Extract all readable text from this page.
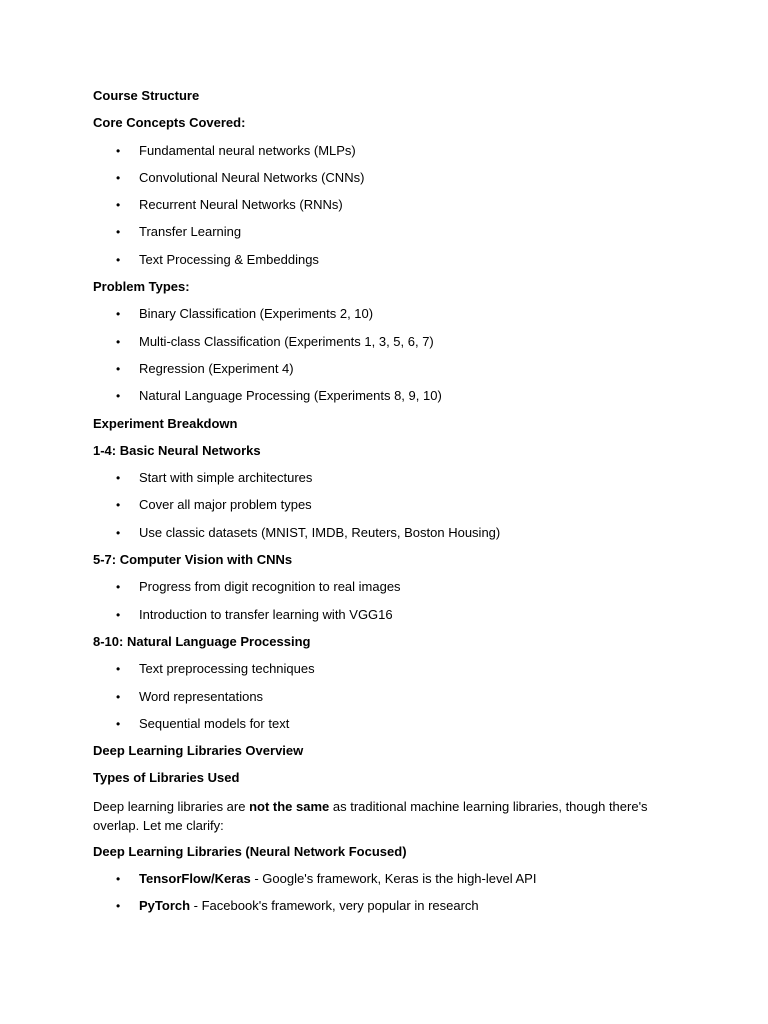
Course Structure
Core Concepts Covered:
• Fundamental neural networks (MLPs)
• Convolutional Neural Networks (CNNs)
• Recurrent Neural Networks (RNNs)
• Transfer Learning
• Text Processing & Embeddings
Problem Types:
• Binary Classification (Experiments 2, 10)
• Multi-class Classification (Experiments 1, 3, 5, 6, 7)
• Regression (Experiment 4)
• Natural Language Processing (Experiments 8, 9, 10)
Experiment Breakdown
1-4: Basic Neural Networks
• Start with simple architectures
• Cover all major problem types
• Use classic datasets (MNIST, IMDB, Reuters, Boston Housing)
5-7: Computer Vision with CNNs
• Progress from digit recognition to real images
• Introduction to transfer learning with VGG16
8-10: Natural Language Processing
• Text preprocessing techniques
• Word representations
• Sequential models for text
Deep Learning Libraries Overview
Types of Libraries Used
Deep learning libraries are not the same as traditional machine learning libraries, though there's overlap. Let me clarify:
Deep Learning Libraries (Neural Network Focused)
• TensorFlow/Keras - Google's framework, Keras is the high-level API
• PyTorch - Facebook's framework, very popular in research
